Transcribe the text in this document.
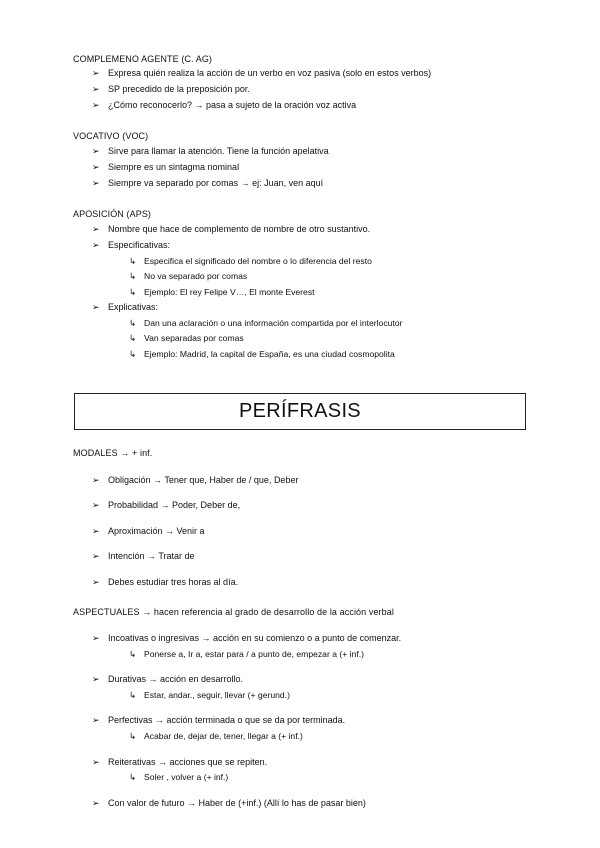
COMPLEMENO AGENTE (C. AG)
➢ Expresa quién realiza la acción de un verbo en voz pasiva (solo en estos verbos)
➢ SP precedido de la preposición por.
➢ ¿Cómo reconocerlo? → pasa a sujeto de la oración voz activa
VOCATIVO (VOC)
➢ Sirve para llamar la atención. Tiene la función apelativa
➢ Siempre es un sintagma nominal
➢ Siempre va separado por comas → ej: Juan, ven aquí
APOSICIÓN (APS)
➢ Nombre que hace de complemento de nombre de otro sustantivo.
➢ Especificativas:
↳ Especifica el significado del nombre o lo diferencia del resto
↳ No va separado por comas
↳ Ejemplo: El rey Felipe V…, El monte Everest
➢ Explicativas:
↳ Dan una aclaración o una información compartida por el interlocutor
↳ Van separadas por comas
↳ Ejemplo: Madrid, la capital de España, es una ciudad cosmopolita
PERÍFRASIS
MODALES → + inf.
➢ Obligación → Tener que, Haber de / que, Deber
➢ Probabilidad → Poder, Deber de,
➢ Aproximación → Venir a
➢ Intención → Tratar de
➢ Debes estudiar tres horas al día.
ASPECTUALES → hacen referencia al grado de desarrollo de la acción verbal
➢ Incoativas o ingresivas → acción en su comienzo o a punto de comenzar.
↳ Ponerse a, Ir a, estar para / a punto de, empezar a (+ inf.)
➢ Durativas → acción en desarrollo.
↳ Estar, andar., seguir, llevar (+ gerund.)
➢ Perfectivas → acción terminada o que se da por terminada.
↳ Acabar de, dejar de, tener, llegar a (+ inf.)
➢ Reiterativas → acciones que se repiten.
↳ Soler , volver a (+ inf.)
➢ Con valor de futuro → Haber de (+inf.) (Allí lo has de pasar bien)
